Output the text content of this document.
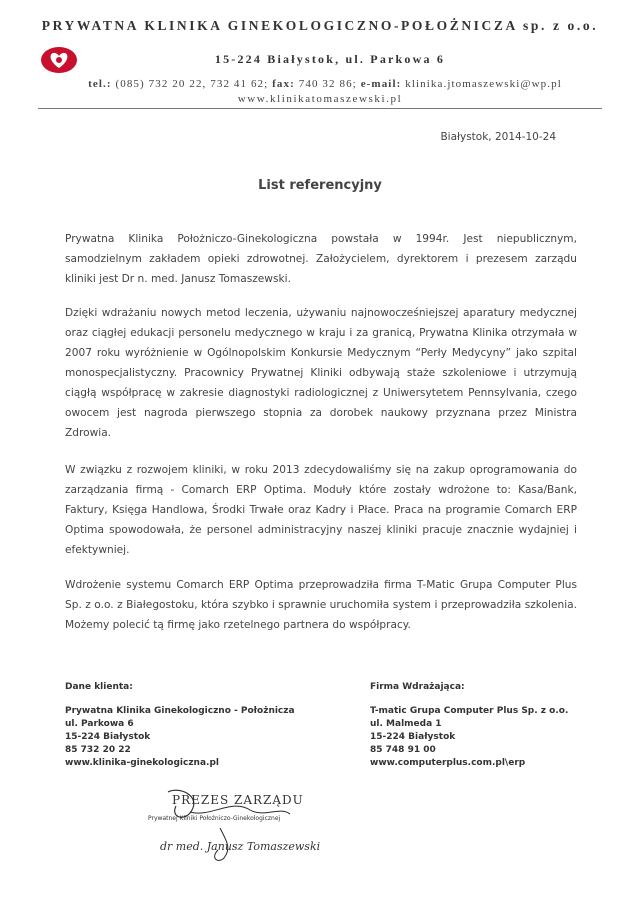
PRYWATNA KLINIKA GINEKOLOGICZNO-POŁOŻNICZA sp. z o.o.
15-224 Białystok, ul. Parkowa 6
tel.: (085) 732 20 22, 732 41 62; fax: 740 32 86; e-mail: klinika.jtomaszewski@wp.pl
www.klinikatomaszewski.pl
Białystok, 2014-10-24
List referencyjny
Prywatna Klinika Położniczo-Ginekologiczna powstała w 1994r. Jest niepublicznym, samodzielnym zakładem opieki zdrowotnej. Założycielem, dyrektorem i prezesem zarządu kliniki jest Dr n. med. Janusz Tomaszewski.
Dzięki wdrażaniu nowych metod leczenia, używaniu najnowocześniejszej aparatury medycznej oraz ciągłej edukacji personelu medycznego w kraju i za granicą, Prywatna Klinika otrzymała w 2007 roku wyróżnienie w Ogólnopolskim Konkursie Medycznym “Perły Medycyny” jako szpital monospecjalistyczny. Pracownicy Prywatnej Kliniki odbywają staże szkoleniowe i utrzymują ciągłą współpracę w zakresie diagnostyki radiologicznej z Uniwersytetem Pennsylvania, czego owocem jest nagroda pierwszego stopnia za dorobek naukowy przyznana przez Ministra Zdrowia.
W związku z rozwojem kliniki, w roku 2013 zdecydowaliśmy się na zakup oprogramowania do zarządzania firmą - Comarch ERP Optima. Moduły które zostały wdrożone to: Kasa/Bank, Faktury, Księga Handlowa, Środki Trwałe oraz Kadry i Płace. Praca na programie Comarch ERP Optima spowodowała, że personel administracyjny naszej kliniki pracuje znacznie wydajniej i efektywniej.
Wdrożenie systemu Comarch ERP Optima przeprowadziła firma T-Matic Grupa Computer Plus Sp. z o.o. z Białegostoku, która szybko i sprawnie uruchomiła system i przeprowadziła szkolenia. Możemy polecić tą firmę jako rzetelnego partnera do współpracy.
Dane klienta:
Prywatna Klinika Ginekologiczno - Położnicza
ul. Parkowa 6
15-224 Białystok
85 732 20 22
www.klinika-ginekologiczna.pl
Firma Wdrażająca:
T-matic Grupa Computer Plus Sp. z o.o.
ul. Malmeda 1
15-224 Białystok
85 748 91 00
www.computerplus.com.pl\erp
PREZES ZARZĄDU
Prywatnej Kliniki Położniczo-Ginekologicznej
dr med. Janusz Tomaszewski
